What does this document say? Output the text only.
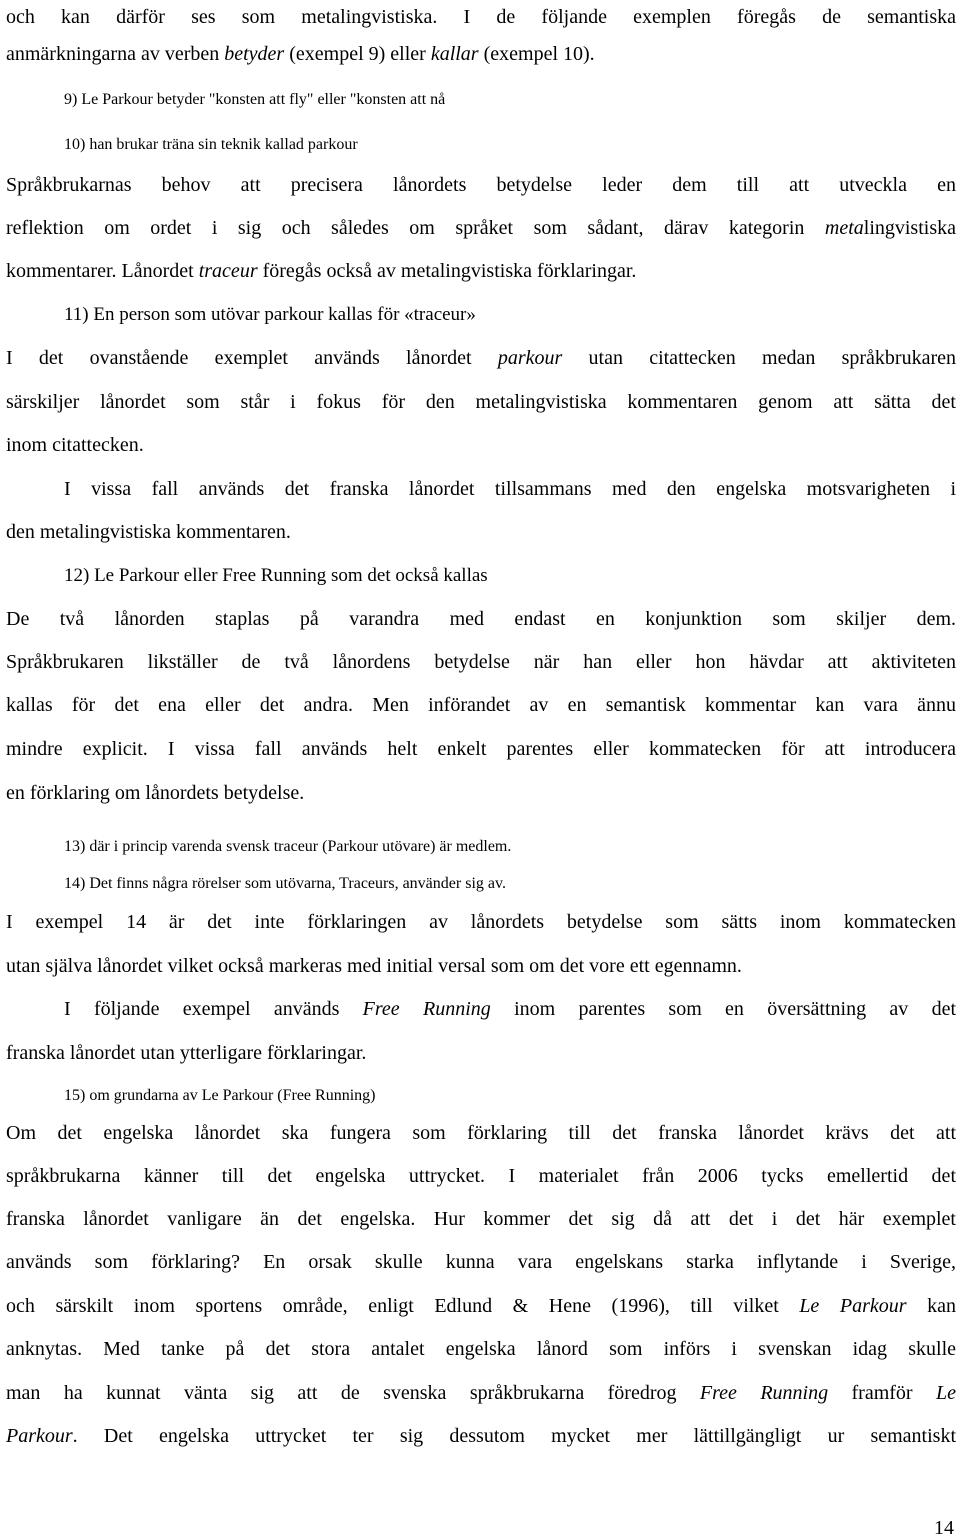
och kan därför ses som metalingvistiska. I de följande exemplen föregås de semantiska
anmärkningarna av verben betyder (exempel 9) eller kallar (exempel 10).
9) Le Parkour betyder "konsten att fly" eller "konsten att nå
10) han brukar träna sin teknik kallad parkour
Språkbrukarnas behov att precisera lånordets betydelse leder dem till att utveckla en
reflektion om ordet i sig och således om språket som sådant, därav kategorin metalingvistiska
kommentarer. Lånordet traceur föregås också av metalingvistiska förklaringar.
11) En person som utövar parkour kallas för «traceur»
I det ovanstående exemplet används lånordet parkour utan citattecken medan språkbrukaren
särskiljer lånordet som står i fokus för den metalingvistiska kommentaren genom att sätta det
inom citattecken.
I vissa fall används det franska lånordet tillsammans med den engelska motsvarigheten i
den metalingvistiska kommentaren.
12) Le Parkour eller Free Running som det också kallas
De två lånorden staplas på varandra med endast en konjunktion som skiljer dem.
Språkbrukaren likställer de två lånordens betydelse när han eller hon hävdar att aktiviteten
kallas för det ena eller det andra. Men införandet av en semantisk kommentar kan vara ännu
mindre explicit. I vissa fall används helt enkelt parentes eller kommatecken för att introducera
en förklaring om lånordets betydelse.
13) där i princip varenda svensk traceur (Parkour utövare) är medlem.
14) Det finns några rörelser som utövarna, Traceurs, använder sig av.
I exempel 14 är det inte förklaringen av lånordets betydelse som sätts inom kommatecken
utan själva lånordet vilket också markeras med initial versal som om det vore ett egennamn.
I följande exempel används Free Running inom parentes som en översättning av det
franska lånordet utan ytterligare förklaringar.
15) om grundarna av Le Parkour (Free Running)
Om det engelska lånordet ska fungera som förklaring till det franska lånordet krävs det att
språkbrukarna känner till det engelska uttrycket. I materialet från 2006 tycks emellertid det
franska lånordet vanligare än det engelska. Hur kommer det sig då att det i det här exemplet
används som förklaring? En orsak skulle kunna vara engelskans starka inflytande i Sverige,
och särskilt inom sportens område, enligt Edlund & Hene (1996), till vilket Le Parkour kan
anknytas. Med tanke på det stora antalet engelska lånord som införs i svenskan idag skulle
man ha kunnat vänta sig att de svenska språkbrukarna föredrog Free Running framför Le
Parkour. Det engelska uttrycket ter sig dessutom mycket mer lättillgängligt ur semantiskt
14
